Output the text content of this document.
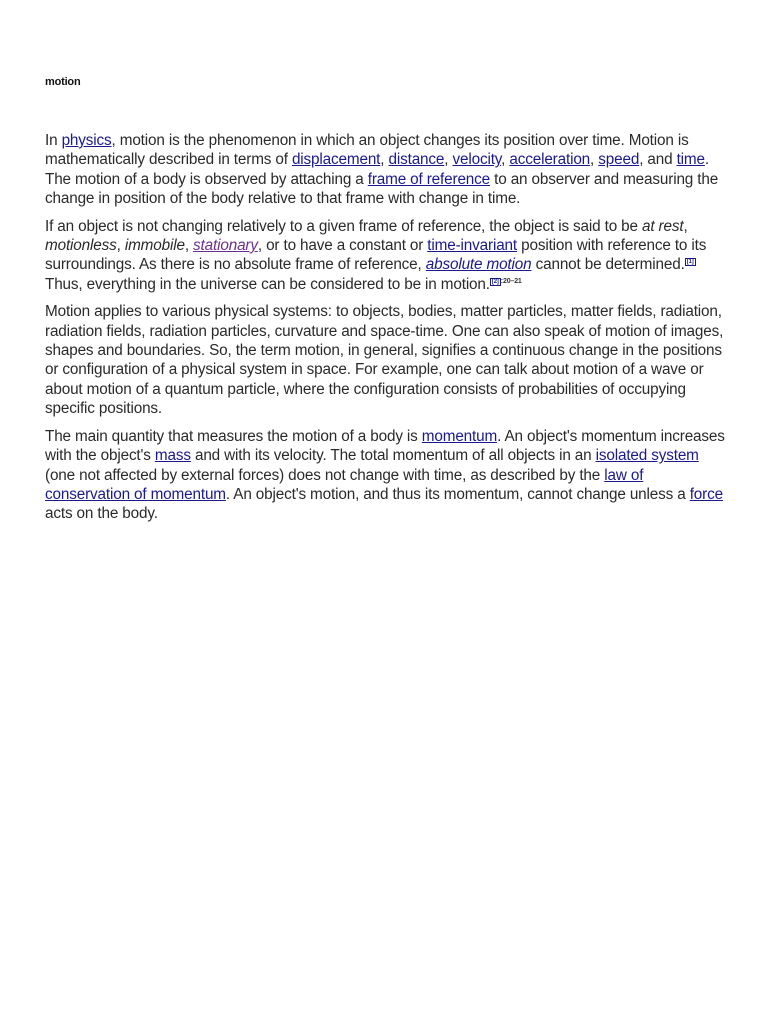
motion

In physics, motion is the phenomenon in which an object changes its position over time. Motion is mathematically described in terms of displacement, distance, velocity, acceleration, speed, and time. The motion of a body is observed by attaching a frame of reference to an observer and measuring the change in position of the body relative to that frame with change in time.

If an object is not changing relatively to a given frame of reference, the object is said to be at rest, motionless, immobile, stationary, or to have a constant or time-invariant position with reference to its surroundings. As there is no absolute frame of reference, absolute motion cannot be determined. [1] Thus, everything in the universe can be considered to be in motion. $^{[2] :20-21}$

Motion applies to various physical systems: to objects, bodies, matter particles, matter fields, radiation, radiation fields, radiation particles, curvature and space-time. One can also speak of motion of images, shapes and boundaries. So, the term motion, in general, signifies a continuous change in the positions or configuration of a physical system in space. For example, one can talk about motion of a wave or about motion of a quantum particle, where the configuration consists of probabilities of occupying specific positions.

The main quantity that measures the motion of a body is momentum. An object's momentum increases with the object's mass and with its velocity. The total momentum of all objects in an isolated system (one not affected by external forces) does not change with time, as described by the law of conservation of momentum. An object's motion, and thus its momentum, cannot change unless a force acts on the body.
